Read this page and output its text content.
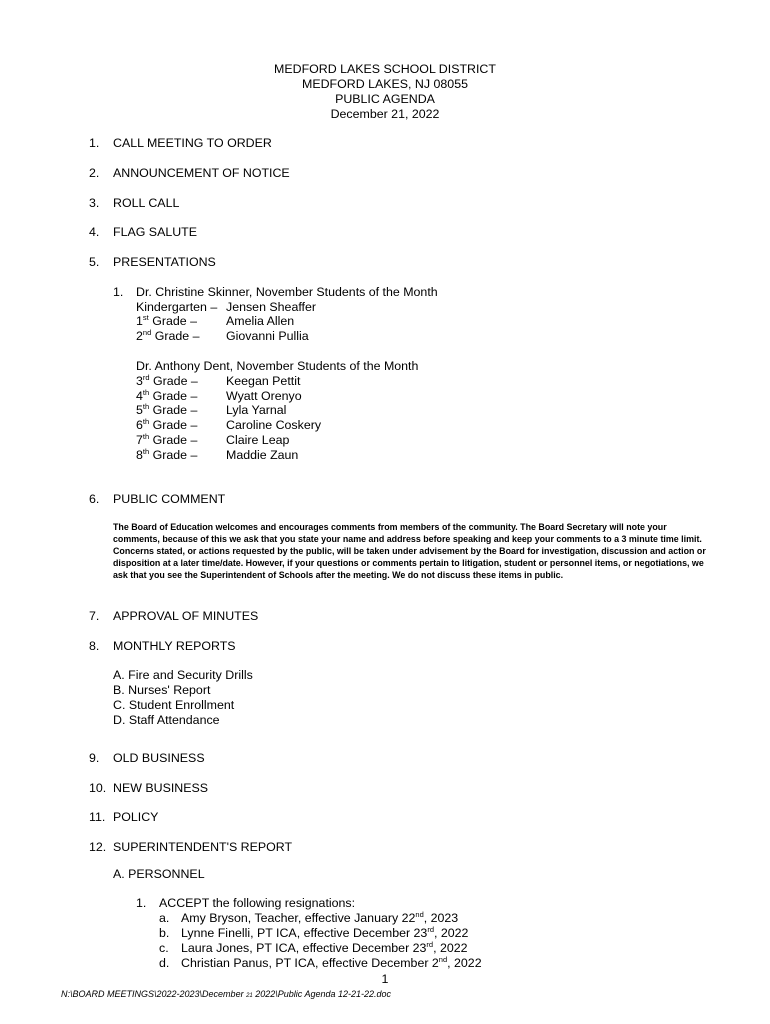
MEDFORD LAKES SCHOOL DISTRICT
MEDFORD LAKES, NJ 08055
PUBLIC AGENDA
December 21, 2022
1. CALL MEETING TO ORDER
2. ANNOUNCEMENT OF NOTICE
3. ROLL CALL
4. FLAG SALUTE
5. PRESENTATIONS
1. Dr. Christine Skinner, November Students of the Month
Kindergarten – Jensen Sheaffer
1st Grade – Amelia Allen
2nd Grade – Giovanni Pullia
Dr. Anthony Dent, November Students of the Month
3rd Grade – Keegan Pettit
4th Grade – Wyatt Orenyo
5th Grade – Lyla Yarnal
6th Grade – Caroline Coskery
7th Grade – Claire Leap
8th Grade – Maddie Zaun
6. PUBLIC COMMENT
The Board of Education welcomes and encourages comments from members of the community. The Board Secretary will note your comments, because of this we ask that you state your name and address before speaking and keep your comments to a 3 minute time limit. Concerns stated, or actions requested by the public, will be taken under advisement by the Board for investigation, discussion and action or disposition at a later time/date. However, if your questions or comments pertain to litigation, student or personnel items, or negotiations, we ask that you see the Superintendent of Schools after the meeting. We do not discuss these items in public.
7. APPROVAL OF MINUTES
8. MONTHLY REPORTS
A. Fire and Security Drills
B. Nurses' Report
C. Student Enrollment
D. Staff Attendance
9. OLD BUSINESS
10. NEW BUSINESS
11. POLICY
12. SUPERINTENDENT'S REPORT
A. PERSONNEL
1. ACCEPT the following resignations:
a. Amy Bryson, Teacher, effective January 22nd, 2023
b. Lynne Finelli, PT ICA, effective December 23rd, 2022
c. Laura Jones, PT ICA, effective December 23rd, 2022
d. Christian Panus, PT ICA, effective December 2nd, 2022
1
N:\BOARD MEETINGS\2022-2023\December 21 2022\Public Agenda 12-21-22.doc
